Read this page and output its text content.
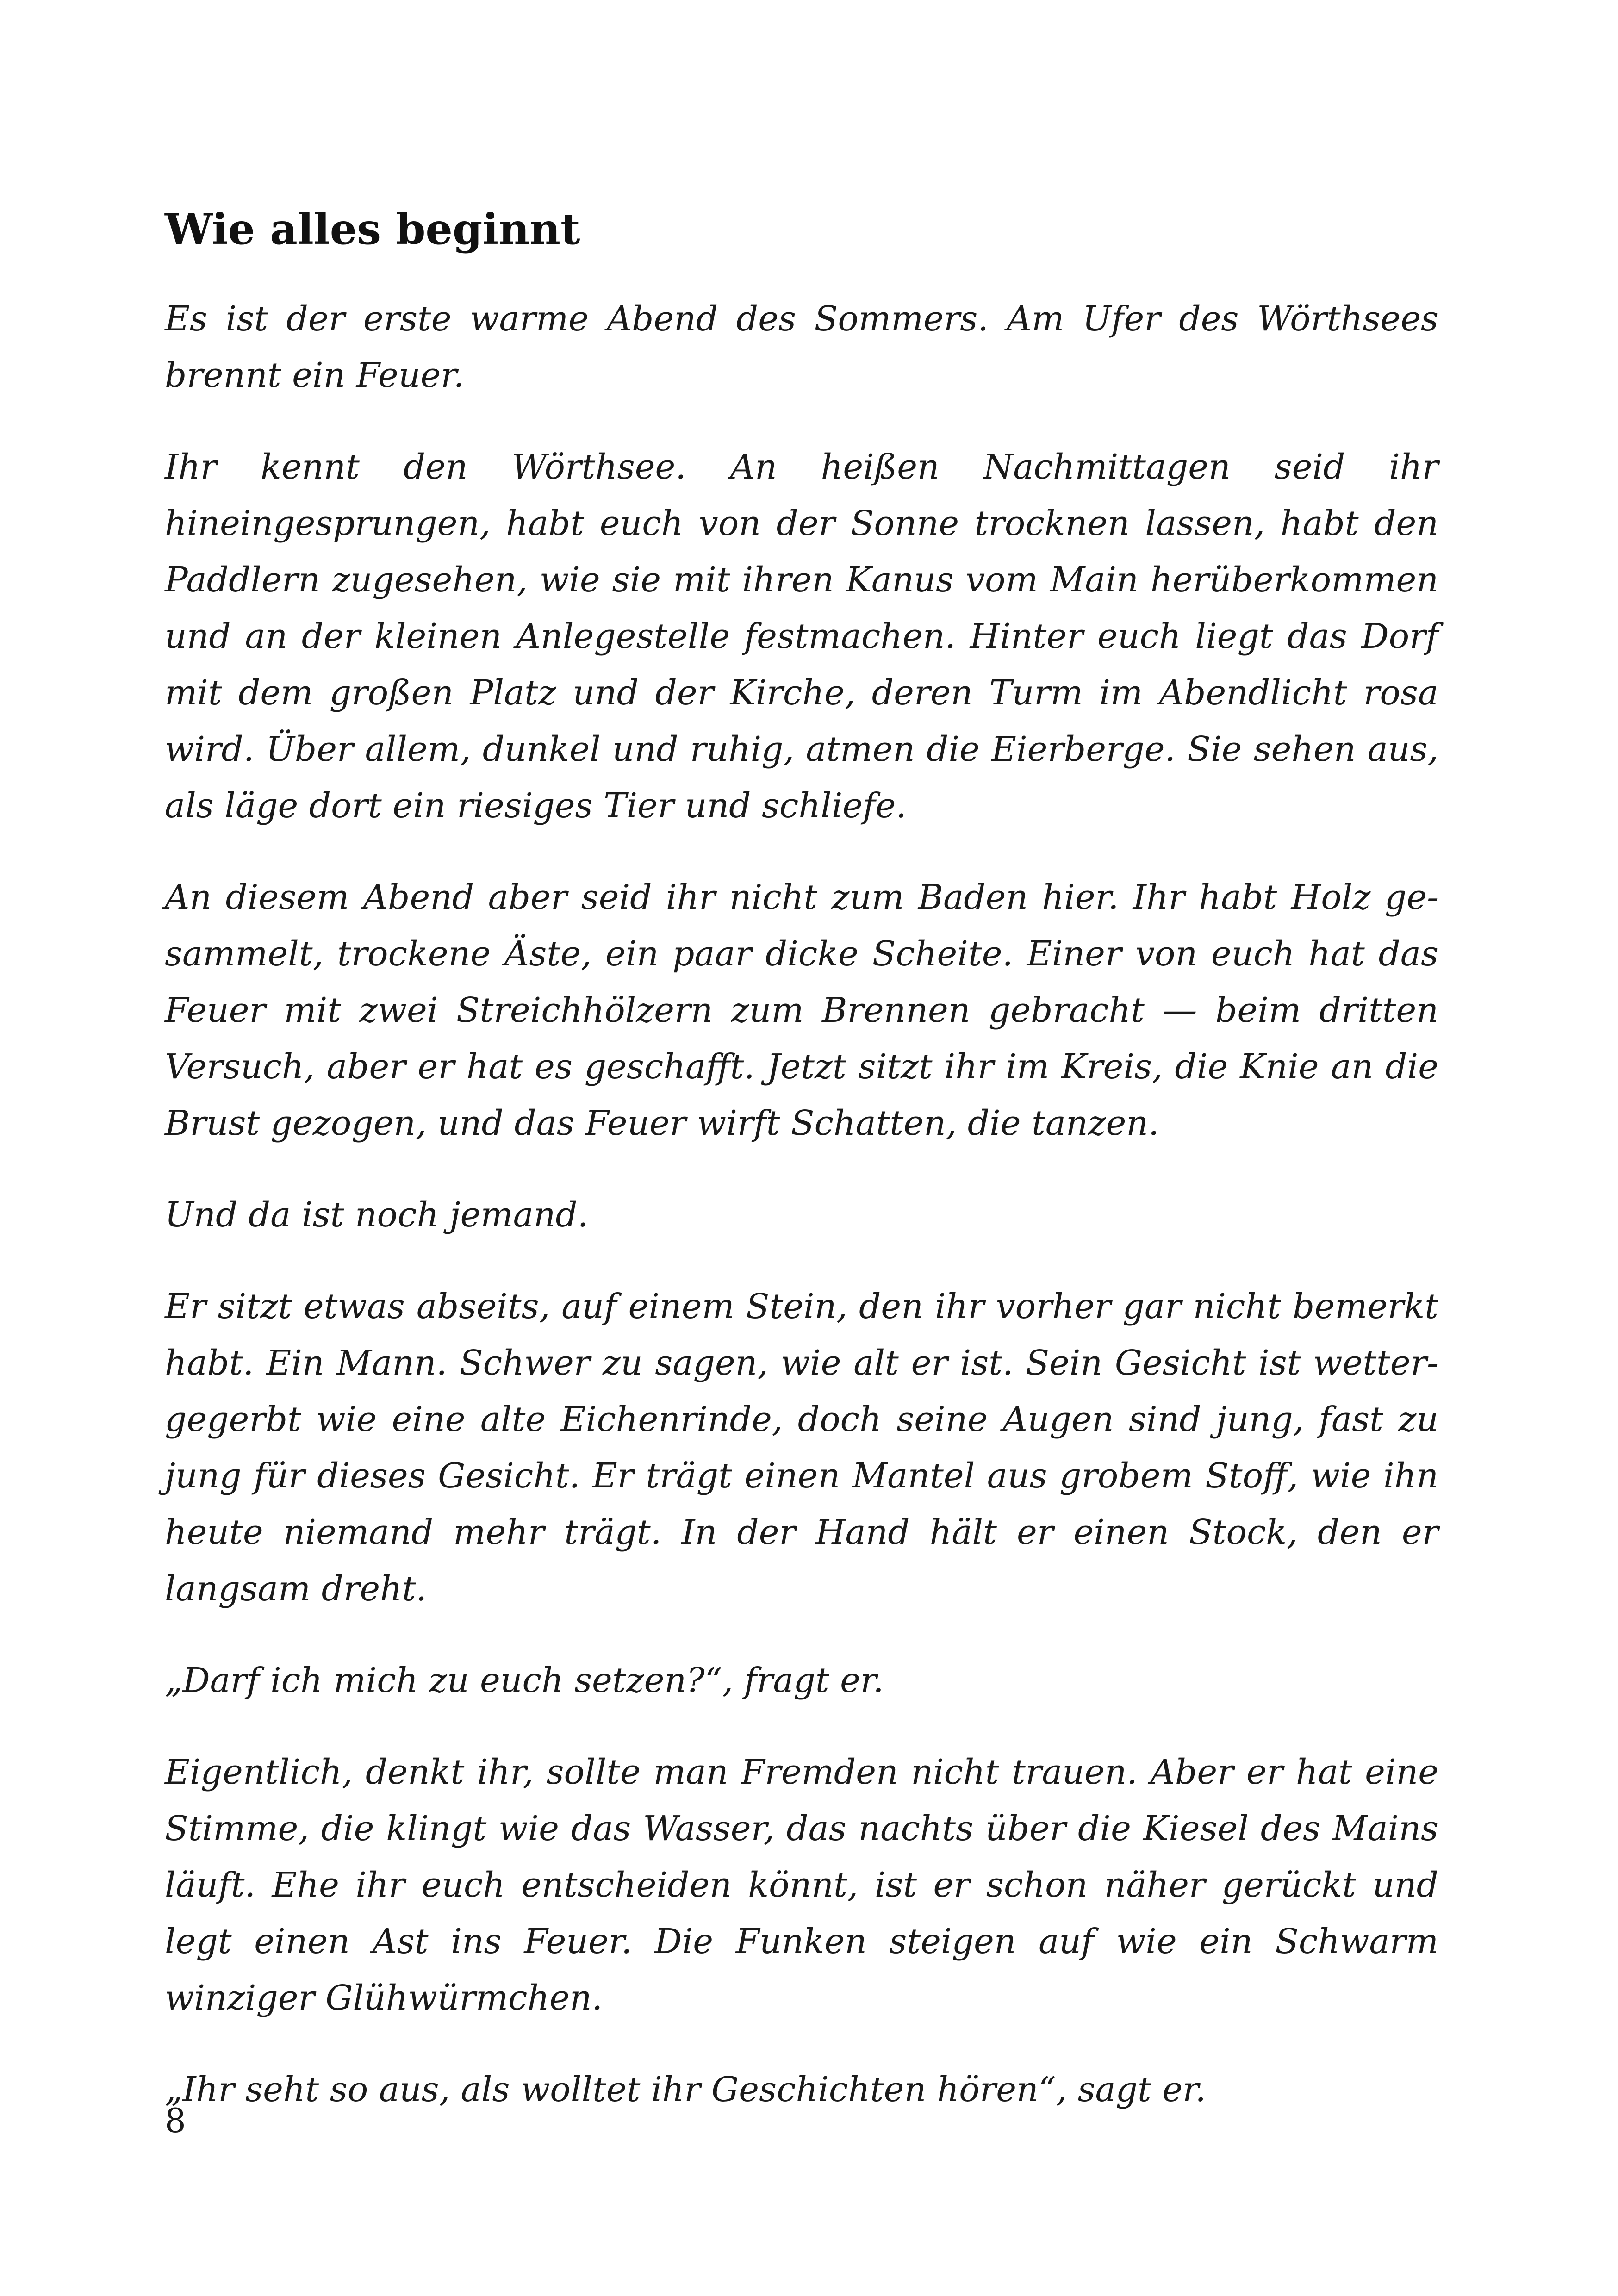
Wie alles beginnt

Es ist der erste warme Abend des Sommers. Am Ufer des Wörthsees brennt ein Feuer.

Ihr kennt den Wörthsee. An heißen Nachmittagen seid ihr hineingesprungen, habt euch von der Sonne trocknen lassen, habt den Paddlern zugesehen, wie sie mit ihren Kanus vom Main herüberkommen und an der kleinen Anlegestelle festmachen. Hinter euch liegt das Dorf mit dem großen Platz und der Kirche, deren Turm im Abendlicht rosa wird. Über allem, dunkel und ruhig, atmen die Eierberge. Sie sehen aus, als läge dort ein riesiges Tier und schliefe.

An diesem Abend aber seid ihr nicht zum Baden hier. Ihr habt Holz gesammelt, trockene Äste, ein paar dicke Scheite. Einer von euch hat das Feuer mit zwei Streichhölzern zum Brennen gebracht — beim dritten Versuch, aber er hat es geschafft. Jetzt sitzt ihr im Kreis, die Knie an die Brust gezogen, und das Feuer wirft Schatten, die tanzen.

Und da ist noch jemand.

Er sitzt etwas abseits, auf einem Stein, den ihr vorher gar nicht bemerkt habt. Ein Mann. Schwer zu sagen, wie alt er ist. Sein Gesicht ist wettergegerbt wie eine alte Eichenrinde, doch seine Augen sind jung, fast zu jung für dieses Gesicht. Er trägt einen Mantel aus grobem Stoff, wie ihn heute niemand mehr trägt. In der Hand hält er einen Stock, den er langsam dreht.

„Darf ich mich zu euch setzen?“, fragt er.

Eigentlich, denkt ihr, sollte man Fremden nicht trauen. Aber er hat eine Stimme, die klingt wie das Wasser, das nachts über die Kiesel des Mains läuft. Ehe ihr euch entscheiden könnt, ist er schon näher gerückt und legt einen Ast ins Feuer. Die Funken steigen auf wie ein Schwarm winziger Glühwürmchen.

„Ihr seht so aus, als wolltet ihr Geschichten hören“, sagt er.

8
